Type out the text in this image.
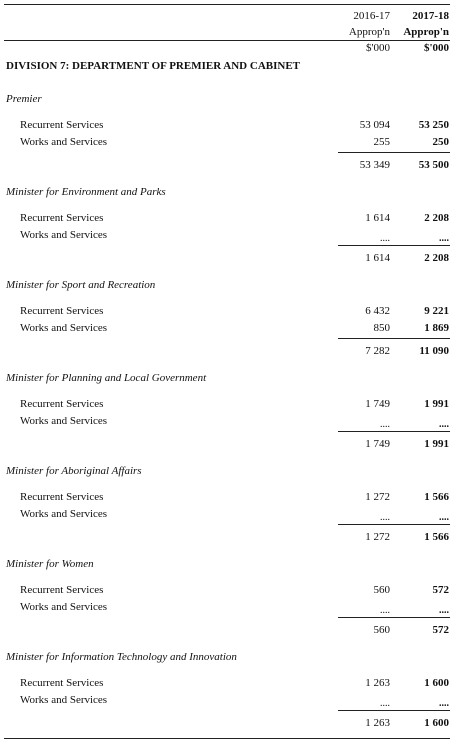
2016-17 2017-18
Approp'n Approp'n
$'000	$'000
DIVISION 7: DEPARTMENT OF PREMIER AND CABINET
Premier
Recurrent Services	53 094	53 250
Works and Services	255	250
53 349	53 500
Minister for Environment and Parks
Recurrent Services	1 614	2 208
Works and Services	....	....
1 614	2 208
Minister for Sport and Recreation
Recurrent Services	6 432	9 221
Works and Services	850	1 869
7 282	11 090
Minister for Planning and Local Government
Recurrent Services	1 749	1 991
Works and Services	....	....
1 749	1 991
Minister for Aboriginal Affairs
Recurrent Services	1 272	1 566
Works and Services	....	....
1 272	1 566
Minister for Women
Recurrent Services	560	572
Works and Services	....	....
560	572
Minister for Information Technology and Innovation
Recurrent Services	1 263	1 600
Works and Services	....	....
1 263	1 600
